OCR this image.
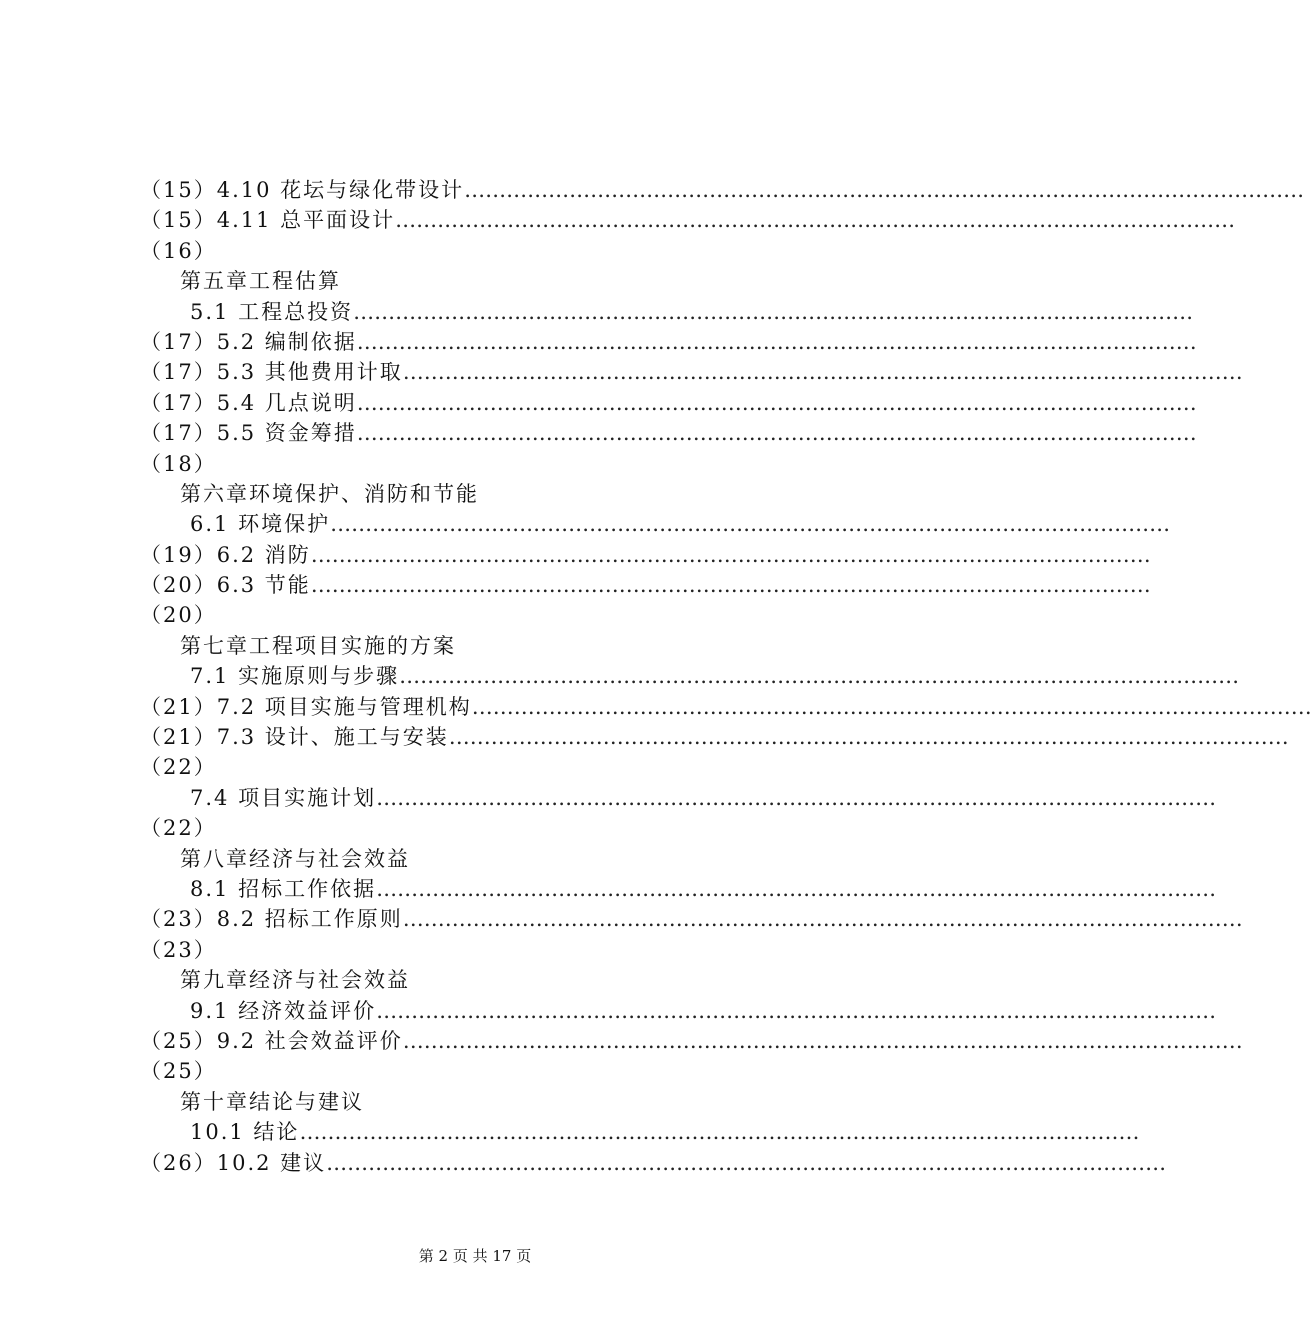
（15）4.10 花坛与绿化带设计 …………………………………………………………………………………………………………
（15）4.11 总平面设计 …………………………………………………………………………………………………………
（16）
第五章工程估算
5.1 工程总投资 …………………………………………………………………………………………………………
（17）5.2 编制依据 …………………………………………………………………………………………………………
（17）5.3 其他费用计取 …………………………………………………………………………………………………………
（17）5.4 几点说明 …………………………………………………………………………………………………………
（17）5.5 资金筹措 …………………………………………………………………………………………………………
（18）
第六章环境保护、消防和节能
6.1 环境保护 …………………………………………………………………………………………………………
（19）6.2 消防 …………………………………………………………………………………………………………
（20）6.3 节能 …………………………………………………………………………………………………………
（20）
第七章工程项目实施的方案
7.1 实施原则与步骤 …………………………………………………………………………………………………………
（21）7.2 项目实施与管理机构 …………………………………………………………………………………………………………
（21）7.3 设计、施工与安装 …………………………………………………………………………………………………………
（22）
7.4 项目实施计划 …………………………………………………………………………………………………………
（22）
第八章经济与社会效益
8.1 招标工作依据 …………………………………………………………………………………………………………
（23）8.2 招标工作原则 …………………………………………………………………………………………………………
（23）
第九章经济与社会效益
9.1 经济效益评价 …………………………………………………………………………………………………………
（25）9.2 社会效益评价 …………………………………………………………………………………………………………
（25）
第十章结论与建议
10.1 结论 …………………………………………………………………………………………………………
（26）10.2 建议 …………………………………………………………………………………………………………
第 2 页 共 17 页
